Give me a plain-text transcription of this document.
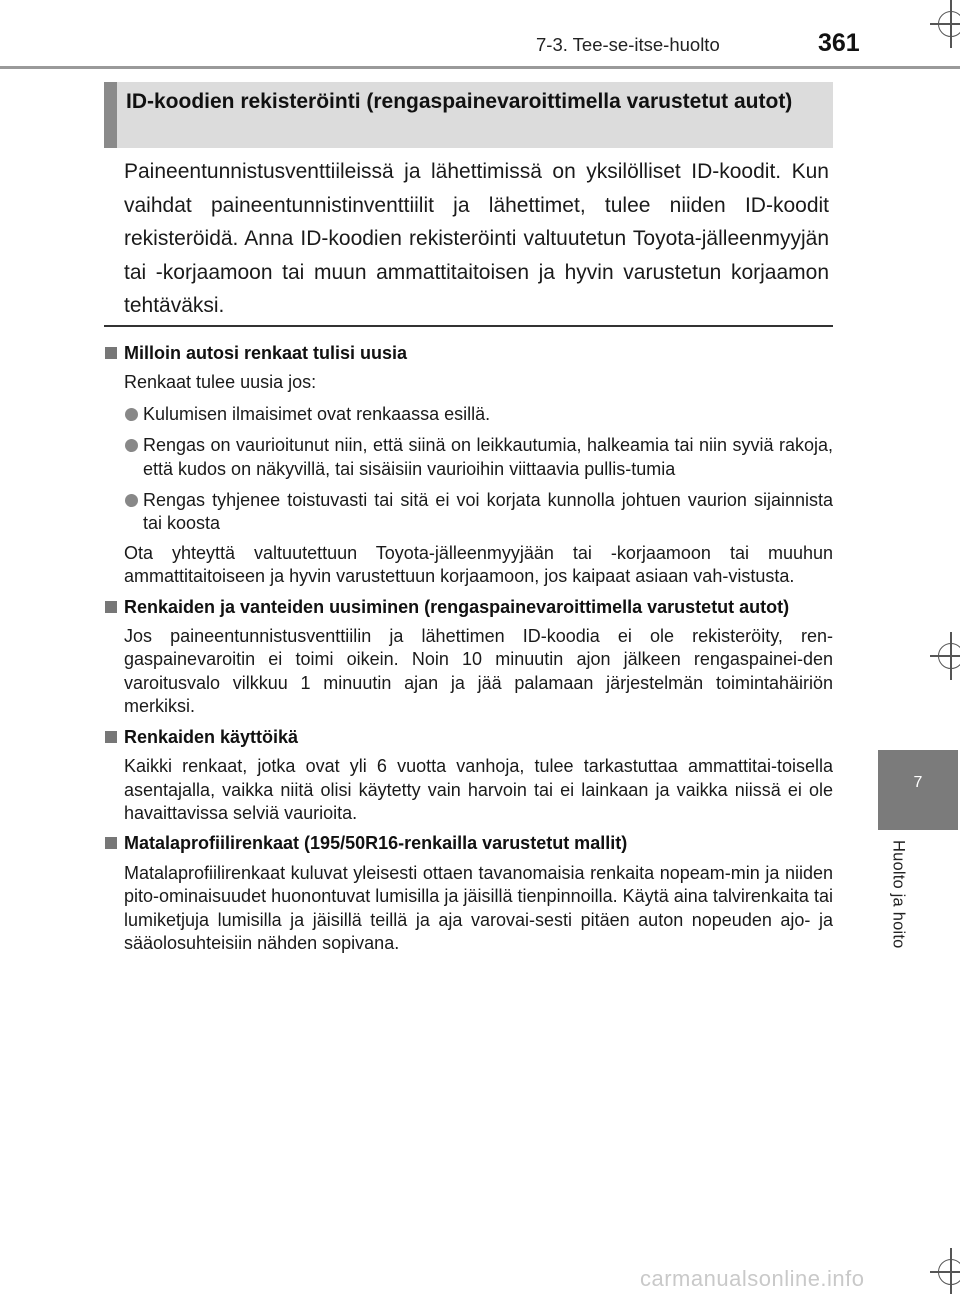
7-3. Tee-se-itse-huolto	361
7
Huolto ja hoito
ID-koodien rekisteröinti (rengaspainevaroittimella varustetut autot)
Paineentunnistusventtiileissä ja lähettimissä on yksilölliset ID-koodit. Kun vaihdat paineentunnistinventtiilit ja lähettimet, tulee niiden ID-koodit rekisteröidä. Anna ID-koodien rekisteröinti valtuutetun Toyota-jälleenmyyjän tai -korjaamoon tai muun ammattitaitoisen ja hyvin varustetun korjaamon tehtäväksi.
Milloin autosi renkaat tulisi uusia
Renkaat tulee uusia jos:
Kulumisen ilmaisimet ovat renkaassa esillä.
Rengas on vaurioitunut niin, että siinä on leikkautumia, halkeamia tai niin syviä rakoja, että kudos on näkyvillä, tai sisäisiin vaurioihin viittaavia pullis-tumia
Rengas tyhjenee toistuvasti tai sitä ei voi korjata kunnolla johtuen vaurion sijainnista tai koosta
Ota yhteyttä valtuutettuun Toyota-jälleenmyyjään tai -korjaamoon tai muuhun ammattitaitoiseen ja hyvin varustettuun korjaamoon, jos kaipaat asiaan vah-vistusta.
Renkaiden ja vanteiden uusiminen (rengaspainevaroittimella varustetut autot)
Jos paineentunnistusventtiilin ja lähettimen ID-koodia ei ole rekisteröity, ren-gaspainevaroitin ei toimi oikein. Noin 10 minuutin ajon jälkeen rengaspainei-den varoitusvalo vilkkuu 1 minuutin ajan ja jää palamaan järjestelmän toimintahäiriön merkiksi.
Renkaiden käyttöikä
Kaikki renkaat, jotka ovat yli 6 vuotta vanhoja, tulee tarkastuttaa ammattitai-toisella asentajalla, vaikka niitä olisi käytetty vain harvoin tai ei lainkaan ja vaikka niissä ei ole havaittavissa selviä vaurioita.
Matalaprofiilirenkaat (195/50R16-renkailla varustetut mallit)
Matalaprofiilirenkaat kuluvat yleisesti ottaen tavanomaisia renkaita nopeam-min ja niiden pito-ominaisuudet huonontuvat lumisilla ja jäisillä tienpinnoilla. Käytä aina talvirenkaita tai lumiketjuja lumisilla ja jäisillä teillä ja aja varovai-sesti pitäen auton nopeuden ajo- ja sääolosuhteisiin nähden sopivana.
carmanualsonline.info
